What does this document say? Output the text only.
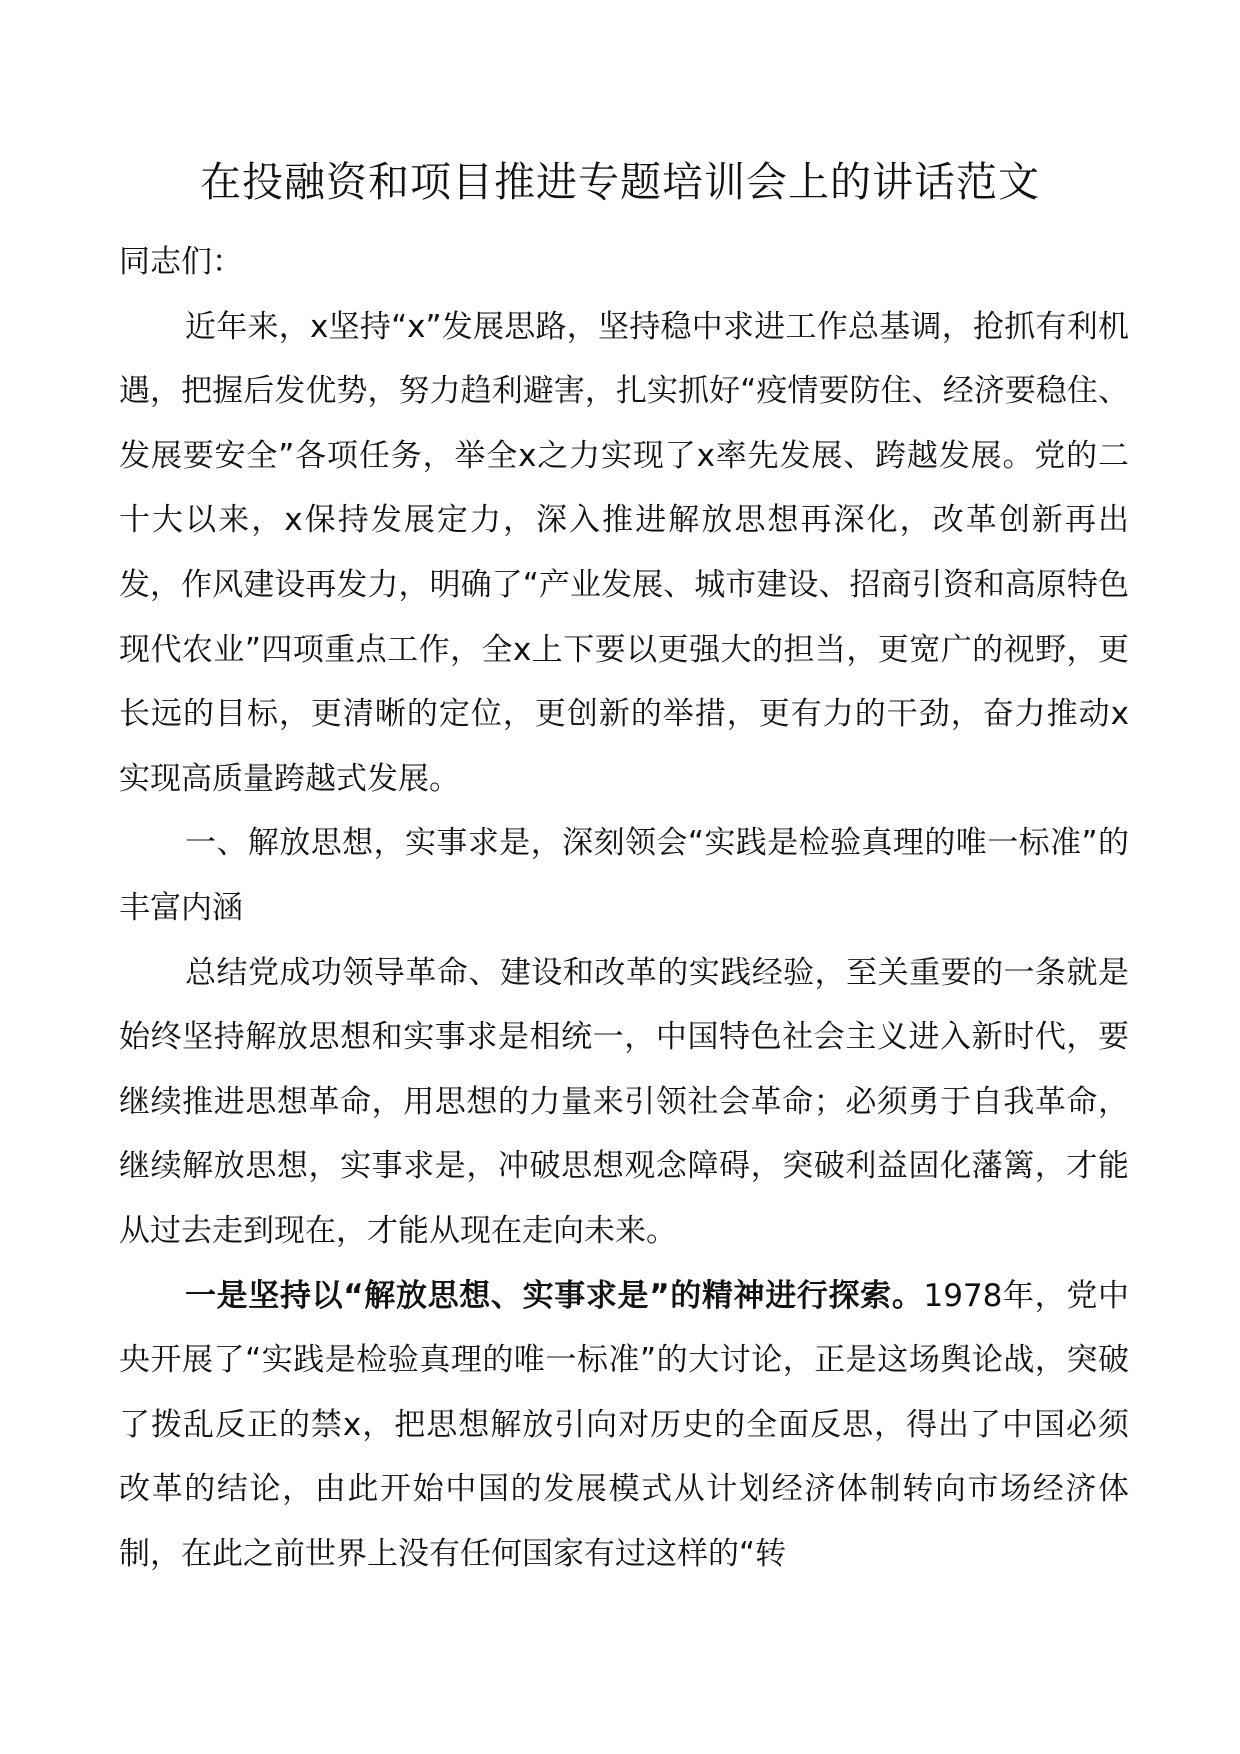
在投融资和项目推进专题培训会上的讲话范文

同志们：

近年来，x坚持“x”发展思路，坚持稳中求进工作总基调，抢抓有利机遇，把握后发优势，努力趋利避害，扎实抓好“疫情要防住、经济要稳住、发展要安全”各项任务，举全x之力实现了x率先发展、跨越发展。党的二十大以来，x保持发展定力，深入推进解放思想再深化，改革创新再出发，作风建设再发力，明确了“产业发展、城市建设、招商引资和高原特色现代农业”四项重点工作，全x上下要以更强大的担当，更宽广的视野，更长远的目标，更清晰的定位，更创新的举措，更有力的干劲，奋力推动x实现高质量跨越式发展。

一、解放思想，实事求是，深刻领会“实践是检验真理的唯一标准”的丰富内涵

总结党成功领导革命、建设和改革的实践经验，至关重要的一条就是始终坚持解放思想和实事求是相统一，中国特色社会主义进入新时代，要继续推进思想革命，用思想的力量来引领社会革命；必须勇于自我革命，继续解放思想，实事求是，冲破思想观念障碍，突破利益固化藩篱，才能从过去走到现在，才能从现在走向未来。

一是坚持以“解放思想、实事求是”的精神进行探索。1978年，党中央开展了“实践是检验真理的唯一标准”的大讨论，正是这场舆论战，突破了拨乱反正的禁x，把思想解放引向对历史的全面反思，得出了中国必须改革的结论，由此开始中国的发展模式从计划经济体制转向市场经济体制，在此之前世界上没有任何国家有过这样的“转
